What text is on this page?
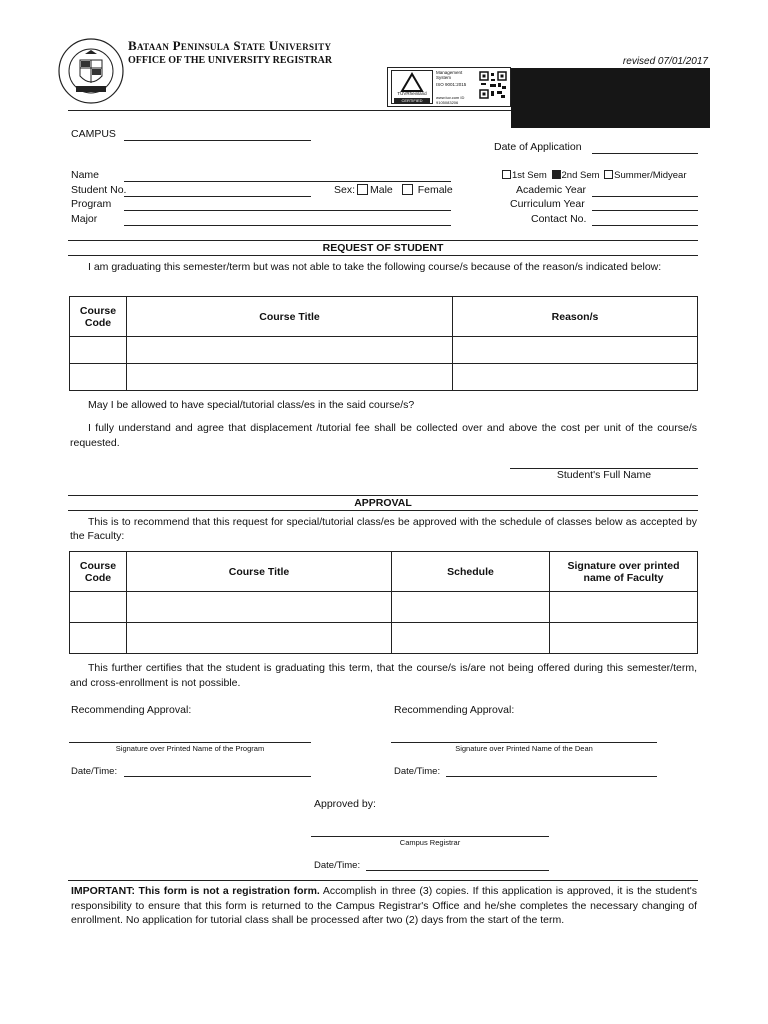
Bataan Peninsula State University
OFFICE OF THE UNIVERSITY REGISTRAR
TÜVRheinland
CERTIFIED
Management System
ISO 9001:2015
www.tuv.com ID 9105083206
revised 07/01/2017
CAMPUS
Date of Application
Name
Student No.	Sex: Male Female
1st Sem 2nd Sem Summer/Midyear
Academic Year
Program	Curriculum Year
Major	Contact No.
REQUEST OF STUDENT
I am graduating this semester/term but was not able to take the following course/s because of the reason/s indicated below:
Course Code	Course Title	Reason/s

May I be allowed to have special/tutorial class/es in the said course/s?
I fully understand and agree that displacement /tutorial fee shall be collected over and above the cost per unit of the course/s requested.
Student's Full Name
APPROVAL
This is to recommend that this request for special/tutorial class/es be approved with the schedule of classes below as accepted by the Faculty:
Course Code	Course Title	Schedule	Signature over printed name of Faculty

This further certifies that the student is graduating this term, that the course/s is/are not being offered during this semester/term, and cross-enrollment is not possible.
Recommending Approval:	Recommending Approval:
Signature over Printed Name of the Program	Signature over Printed Name of the Dean
Date/Time:	Date/Time:
Approved by:
Campus Registrar
Date/Time:
IMPORTANT: This form is not a registration form. Accomplish in three (3) copies. If this application is approved, it is the student's responsibility to ensure that this form is returned to the Campus Registrar's Office and he/she completes the necessary changing of enrollment. No application for tutorial class shall be processed after two (2) days from the start of the term.
